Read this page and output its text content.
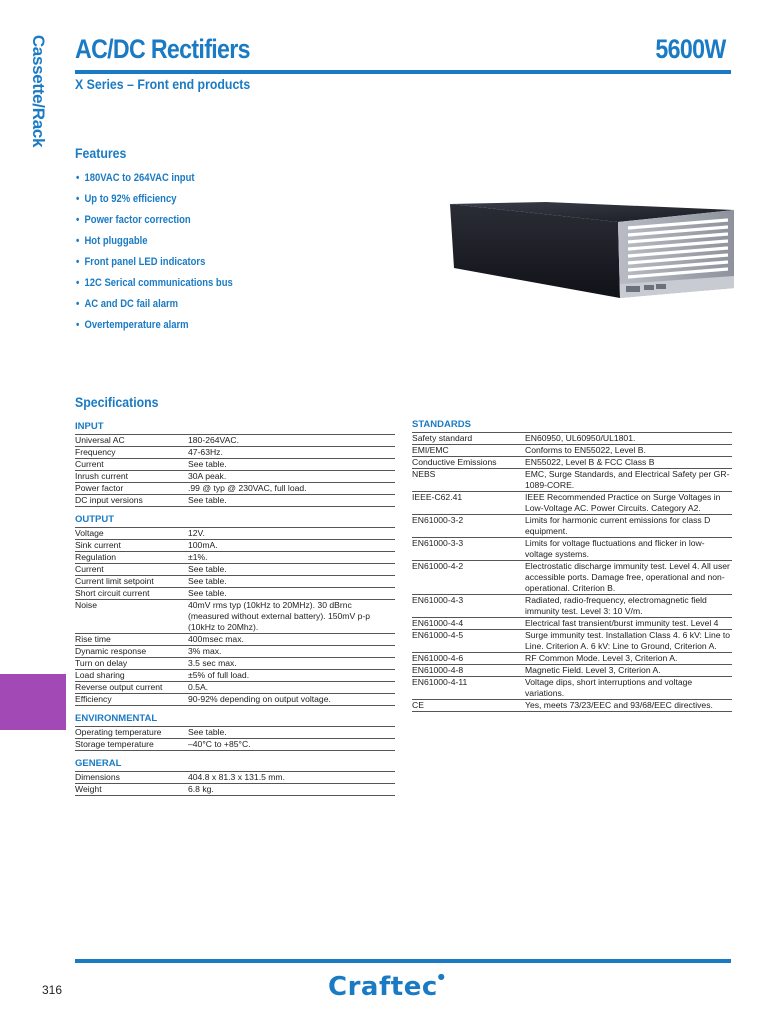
Cassette/Rack AC/DC Rectifiers	5600W
X Series – Front end products
Features
• 180VAC to 264VAC input
• Up to 92% efficiency
• Power factor correction
• Hot pluggable
• Front panel LED indicators
• 12C Serical communications bus
• AC and DC fail alarm
• Overtemperature alarm
Specifications
INPUT
Universal AC	180-264VAC.
Frequency	47-63Hz.
Current	See table.
Inrush current	30A peak.
Power factor	.99 @ typ @ 230VAC, full load.
DC input versions	See table.
OUTPUT
Voltage	12V.
Sink current	100mA.
Regulation	±1%.
Current	See table.
Current limit setpoint	See table.
Short circuit current	See table.
Noise	40mV rms typ (10kHz to 20MHz). 30 dBrnc (measured without external battery). 150mV p-p (10kHz to 20Mhz).
Rise time	400msec max.
Dynamic response	3% max.
Turn on delay	3.5 sec max.
Load sharing	±5% of full load.
Reverse output current	0.5A.
Efficiency	90-92% depending on output voltage.
ENVIRONMENTAL
Operating temperature	See table.
Storage temperature	–40°C to +85°C.
GENERAL
Dimensions	404.8 x 81.3 x 131.5 mm.
Weight	6.8 kg.
STANDARDS
Safety standard	EN60950, UL60950/UL1801.
EMI/EMC	Conforms to EN55022, Level B.
Conductive Emissions	EN55022, Level B & FCC Class B
NEBS	EMC, Surge Standards, and Electrical Safety per GR-1089-CORE.
IEEE-C62.41	IEEE Recommended Practice on Surge Voltages in Low-Voltage AC. Power Circuits. Category A2.
EN61000-3-2	Limits for harmonic current emissions for class D equipment.
EN61000-3-3	Limits for voltage fluctuations and flicker in low-voltage systems.
EN61000-4-2	Electrostatic discharge immunity test. Level 4. All user accessible ports. Damage free, operational and non-operational. Criterion B.
EN61000-4-3	Radiated, radio-frequency, electromagnetic field immunity test. Level 3: 10 V/m.
EN61000-4-4	Electrical fast transient/burst immunity test. Level 4
EN61000-4-5	Surge immunity test. Installation Class 4. 6 kV: Line to Line. Criterion A. 6 kV: Line to Ground, Criterion A.
EN61000-4-6	RF Common Mode. Level 3, Criterion A.
EN61000-4-8	Magnetic Field. Level 3, Criterion A.
EN61000-4-11	Voltage dips, short interruptions and voltage variations.
CE	Yes, meets 73/23/EEC and 93/68/EEC directives.
316	Craftec●
